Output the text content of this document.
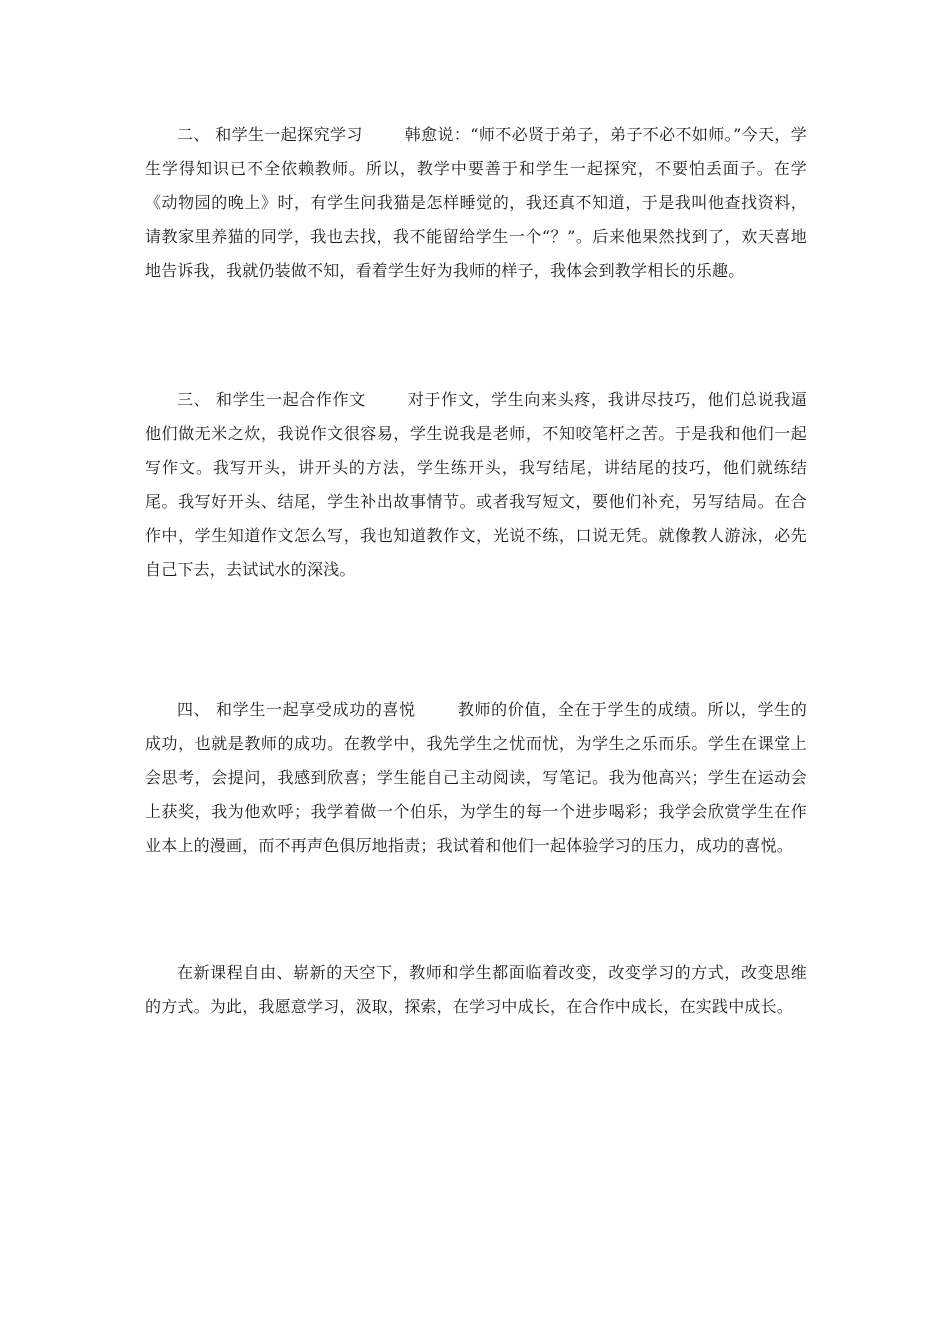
二、 和学生一起探究学习	韩愈说：“师不必贤于弟子，弟子不必不如师。”今天，学生学得知识已不全依赖教师。所以，教学中要善于和学生一起探究，不要怕丢面子。在学《动物园的晚上》时，有学生问我猫是怎样睡觉的，我还真不知道，于是我叫他查找资料，请教家里养猫的同学，我也去找，我不能留给学生一个“？”。后来他果然找到了，欢天喜地地告诉我，我就仍装做不知，看着学生好为我师的样子，我体会到教学相长的乐趣。

三、 和学生一起合作作文	对于作文，学生向来头疼，我讲尽技巧，他们总说我逼他们做无米之炊，我说作文很容易，学生说我是老师，不知咬笔杆之苦。于是我和他们一起写作文。我写开头，讲开头的方法，学生练开头，我写结尾，讲结尾的技巧，他们就练结尾。我写好开头、结尾，学生补出故事情节。或者我写短文，要他们补充，另写结局。在合作中，学生知道作文怎么写，我也知道教作文，光说不练，口说无凭。就像教人游泳，必先自己下去，去试试水的深浅。

四、 和学生一起享受成功的喜悦	教师的价值，全在于学生的成绩。所以，学生的成功，也就是教师的成功。在教学中，我先学生之忧而忧，为学生之乐而乐。学生在课堂上会思考，会提问，我感到欣喜；学生能自己主动阅读，写笔记。我为他高兴；学生在运动会上获奖，我为他欢呼；我学着做一个伯乐，为学生的每一个进步喝彩；我学会欣赏学生在作业本上的漫画，而不再声色俱厉地指责；我试着和他们一起体验学习的压力，成功的喜悦。

在新课程自由、崭新的天空下，教师和学生都面临着改变，改变学习的方式，改变思维的方式。为此，我愿意学习，汲取，探索，在学习中成长，在合作中成长，在实践中成长。
